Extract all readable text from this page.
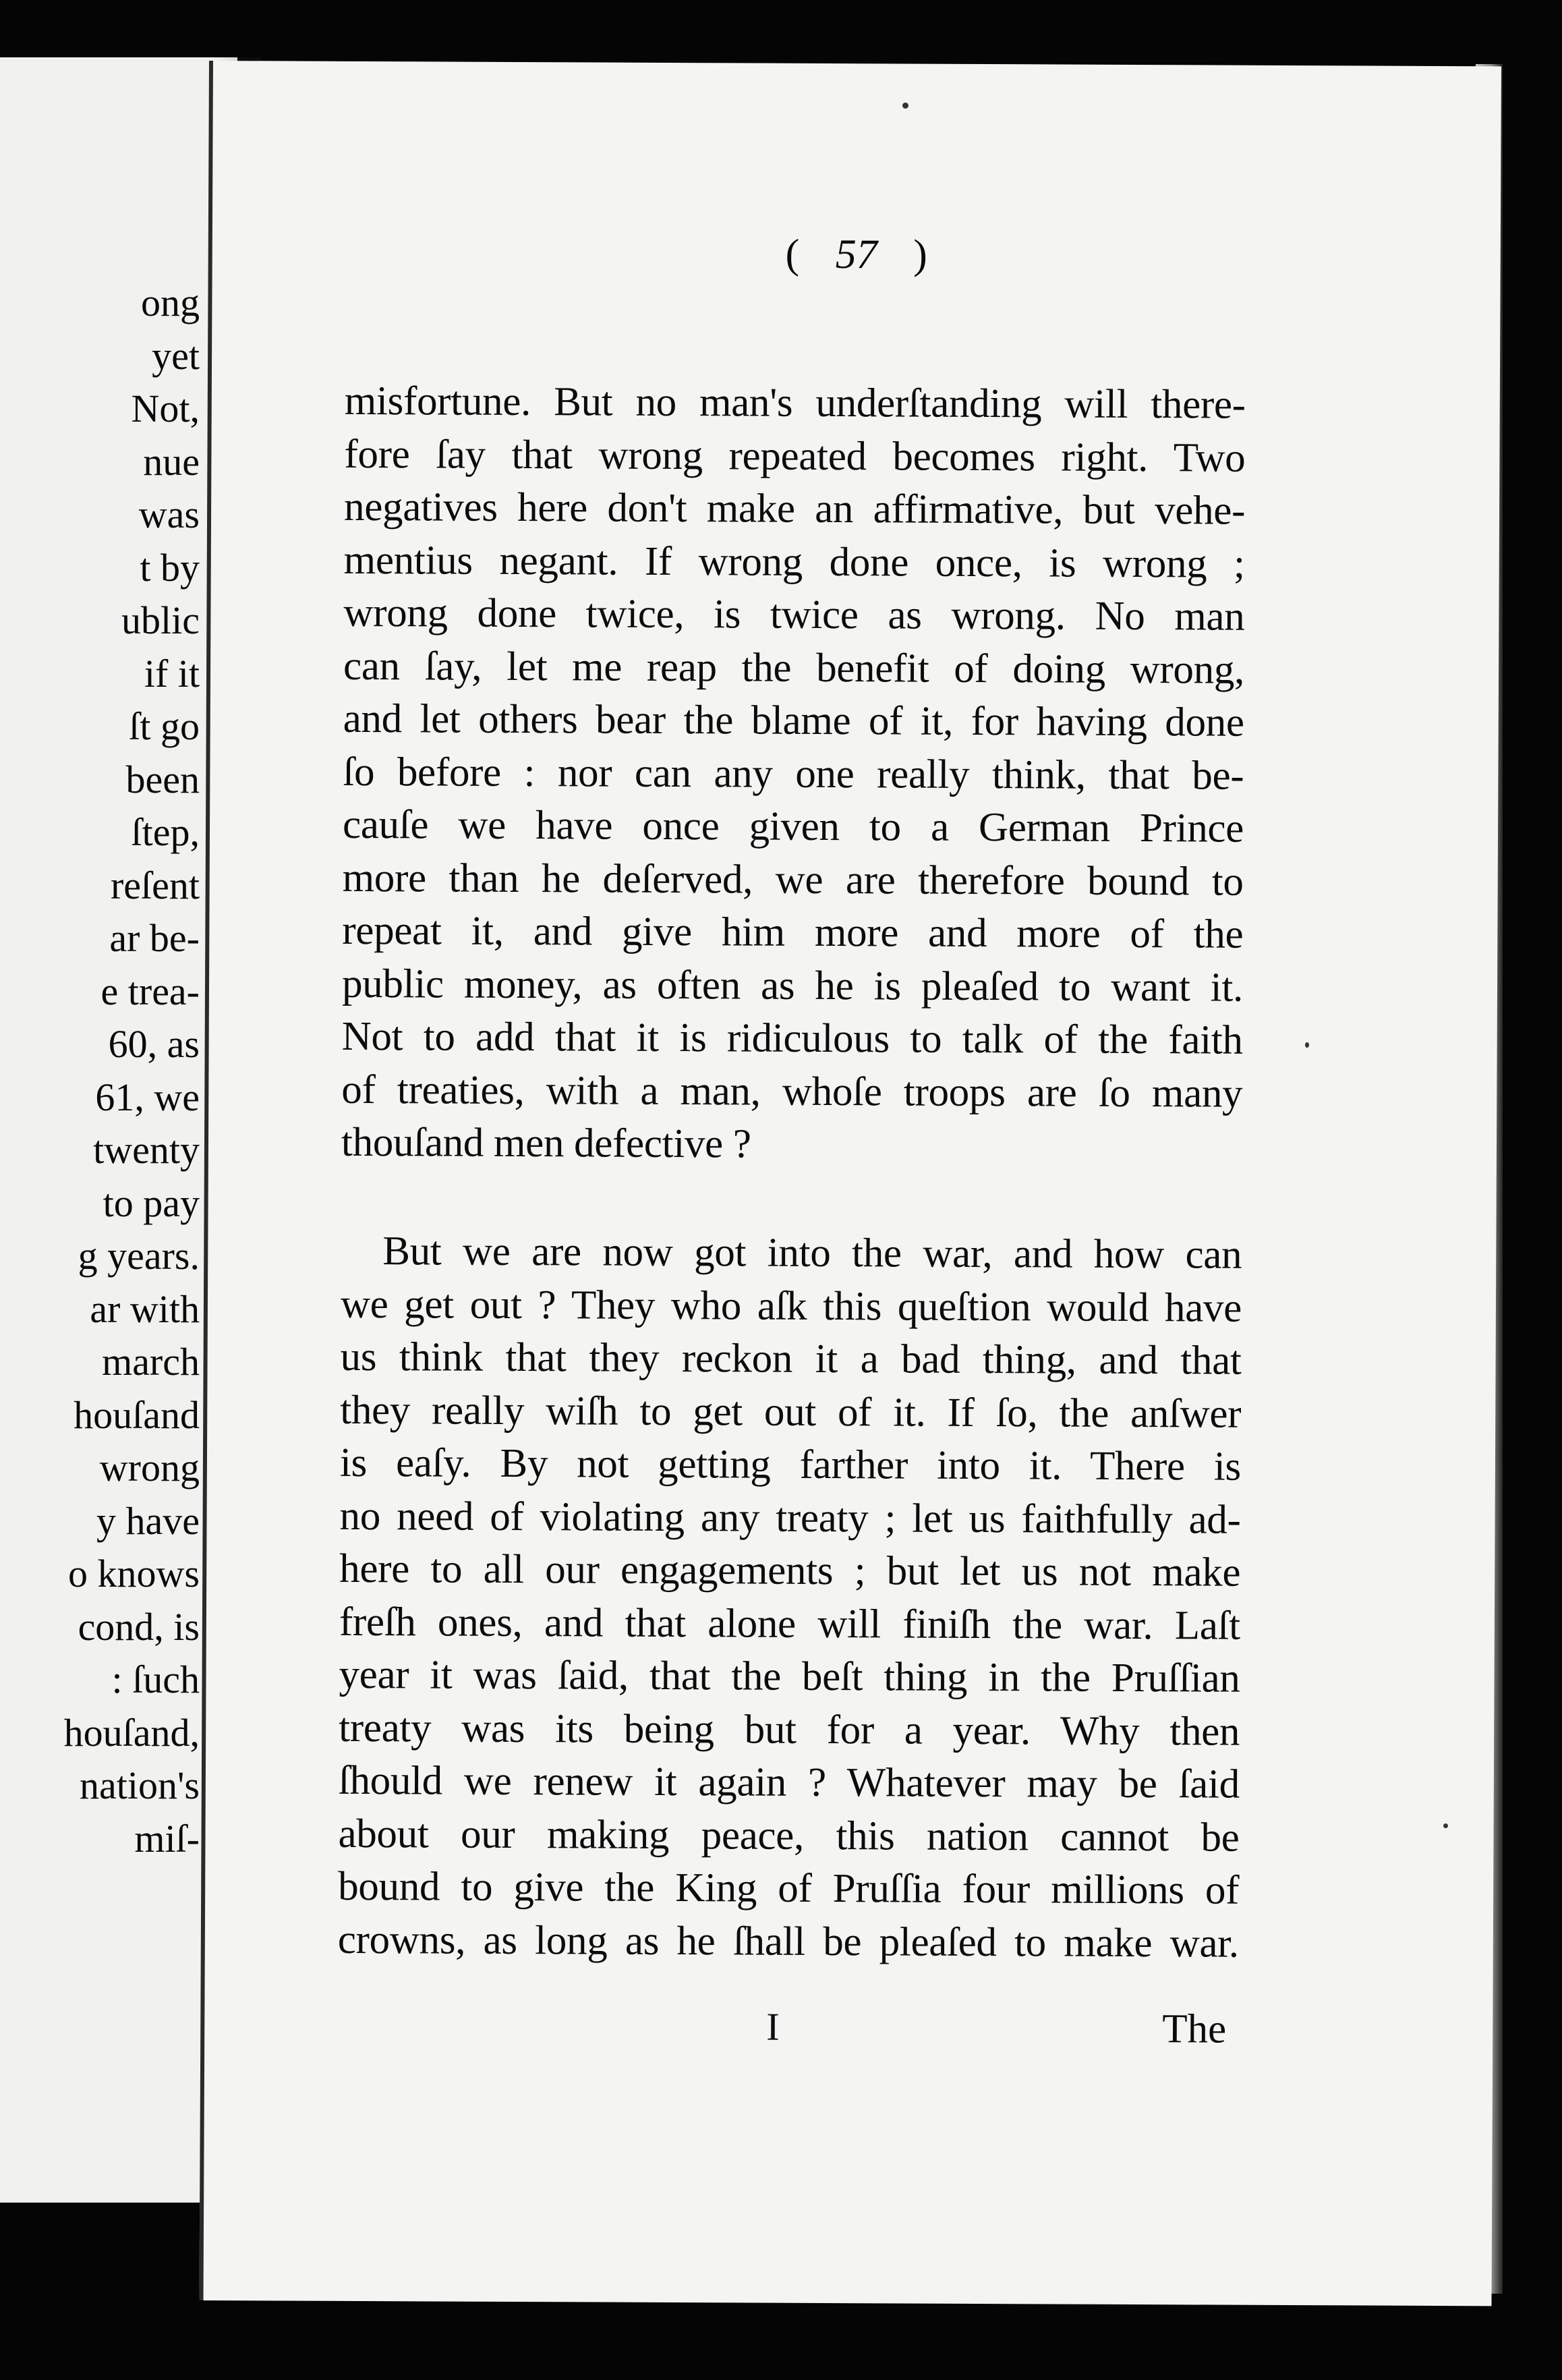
ong
yet
Not,
nue
was
t by
ublic
if it
ſt go
been
ſtep,
reſent
ar be-
e trea-
60, as
61, we
twenty
to pay
g years.
ar with
march
houſand
wrong
y have
o knows
cond, is
: ſuch
houſand,
nation's
miſ-
( 57 )
misfortune. But no man's underſtanding will there-
fore ſay that wrong repeated becomes right. Two
negatives here don't make an affirmative, but vehe-
mentius negant. If wrong done once, is wrong ;
wrong done twice, is twice as wrong. No man
can ſay, let me reap the benefit of doing wrong,
and let others bear the blame of it, for having done
ſo before : nor can any one really think, that be-
cauſe we have once given to a German Prince
more than he deſerved, we are therefore bound to
repeat it, and give him more and more of the
public money, as often as he is pleaſed to want it.
Not to add that it is ridiculous to talk of the faith
of treaties, with a man, whoſe troops are ſo many
thouſand men defective ?
But we are now got into the war, and how can
we get out ? They who aſk this queſtion would have
us think that they reckon it a bad thing, and that
they really wiſh to get out of it. If ſo, the anſwer
is eaſy. By not getting farther into it. There is
no need of violating any treaty ; let us faithfully ad-
here to all our engagements ; but let us not make
freſh ones, and that alone will finiſh the war. Laſt
year it was ſaid, that the beſt thing in the Pruſſian
treaty was its being but for a year. Why then
ſhould we renew it again ? Whatever may be ſaid
about our making peace, this nation cannot be
bound to give the King of Pruſſia four millions of
crowns, as long as he ſhall be pleaſed to make war.
I	The
